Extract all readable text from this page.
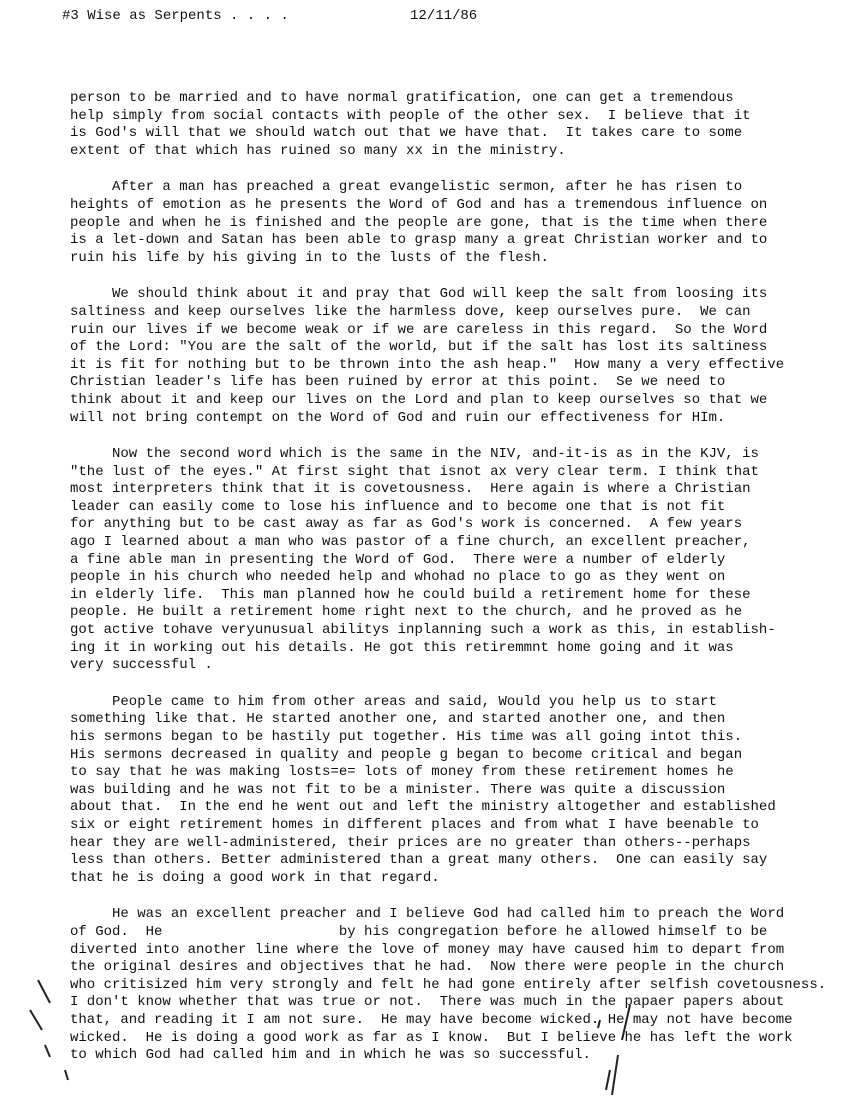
#3 Wise as Serpents . . . .	12/11/86
person to be married and to have normal gratification, one can get a tremendous
help simply from social contacts with people of the other sex.  I believe that it
is God's will that we should watch out that we have that.  It takes care to some
extent of that which has ruined so many xx in the ministry.
After a man has preached a great evangelistic sermon, after he has risen to
heights of emotion as he presents the Word of God and has a tremendous influence on
people and when he is finished and the people are gone, that is the time when there
is a let-down and Satan has been able to grasp many a great Christian worker and to
ruin his life by his giving in to the lusts of the flesh.
We should think about it and pray that God will keep the salt from loosing its
saltiness and keep ourselves like the harmless dove, keep ourselves pure.  We can
ruin our lives if we become weak or if we are careless in this regard.  So the Word
of the Lord: "You are the salt of the world, but if the salt has lost its saltiness
it is fit for nothing but to be thrown into the ash heap."  How many a very effective
Christian leader's life has been ruined by error at this point.  Se we need to
think about it and keep our lives on the Lord and plan to keep ourselves so that we
will not bring contempt on the Word of God and ruin our effectiveness for HIm.
Now the second word which is the same in the NIV, and-it-is as in the KJV, is
"the lust of the eyes." At first sight that isnot ax very clear term. I think that
most interpreters think that it is covetousness.  Here again is where a Christian
leader can easily come to lose his influence and to become one that is not fit
for anything but to be cast away as far as God's work is concerned.  A few years
ago I learned about a man who was pastor of a fine church, an excellent preacher,
a fine able man in presenting the Word of God.  There were a number of elderly
people in his church who needed help and whohad no place to go as they went on
in elderly life.  This man planned how he could build a retirement home for these
people. He built a retirement home right next to the church, and he proved as he
got active tohave veryunusual abilitys inplanning such a work as this, in establish-
ing it in working out his details. He got this retiremmnt home going and it was
very successful .
People came to him from other areas and said, Would you help us to start
something like that. He started another one, and started another one, and then
his sermons began to be hastily put together. His time was all going intot this.
His sermons decreased in quality and people g began to become critical and began
to say that he was making losts=e= lots of money from these retirement homes he
was building and he was not fit to be a minister. There was quite a discussion
about that.  In the end he went out and left the ministry altogether and established
six or eight retirement homes in different places and from what I have beenable to
hear they are well-administered, their prices are no greater than others--perhaps
less than others. Better administered than a great many others.  One can easily say
that he is doing a good work in that regard.
He was an excellent preacher and I believe God had called him to preach the Word
of God.  He                     by his congregation before he allowed himself to be
diverted into another line where the love of money may have caused him to depart from
the original desires and objectives that he had.  Now there were people in the church
who critisized him very strongly and felt he had gone entirely after selfish covetousness.
I don't know whether that was true or not.  There was much in the papaer papers about
that, and reading it I am not sure.  He may have become wicked. He may not have become
wicked.  He is doing a good work as far as I know.  But I believe he has left the work
to which God had called him and in which he was so successful.
